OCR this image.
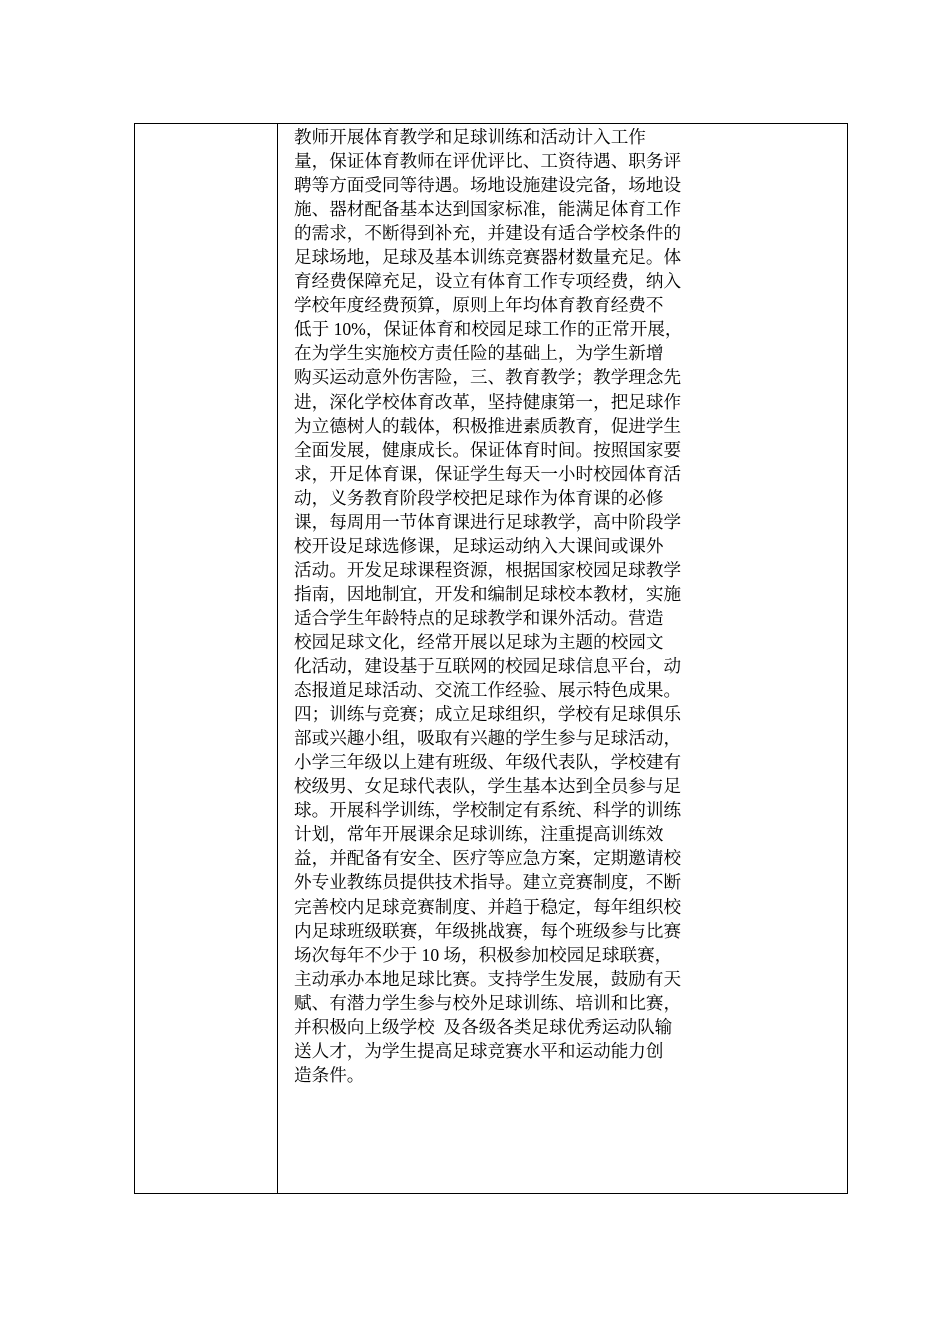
教师开展体育教学和足球训练和活动计入工作
量，保证体育教师在评优评比、工资待遇、职务评
聘等方面受同等待遇。场地设施建设完备，场地设
施、器材配备基本达到国家标准，能满足体育工作
的需求，不断得到补充，并建设有适合学校条件的
足球场地，足球及基本训练竞赛器材数量充足。体
育经费保障充足，设立有体育工作专项经费，纳入
学校年度经费预算，原则上年均体育教育经费不
低于 10%，保证体育和校园足球工作的正常开展，
在为学生实施校方责任险的基础上，为学生新增
购买运动意外伤害险，三、教育教学；教学理念先
进，深化学校体育改革，坚持健康第一，把足球作
为立德树人的载体，积极推进素质教育，促进学生
全面发展，健康成长。保证体育时间。按照国家要
求，开足体育课，保证学生每天一小时校园体育活
动，义务教育阶段学校把足球作为体育课的必修
课，每周用一节体育课进行足球教学，高中阶段学
校开设足球选修课，足球运动纳入大课间或课外
活动。开发足球课程资源，根据国家校园足球教学
指南，因地制宜，开发和编制足球校本教材，实施
适合学生年龄特点的足球教学和课外活动。营造
校园足球文化，经常开展以足球为主题的校园文
化活动，建设基于互联网的校园足球信息平台，动
态报道足球活动、交流工作经验、展示特色成果。
四；训练与竞赛；成立足球组织，学校有足球俱乐
部或兴趣小组，吸取有兴趣的学生参与足球活动，
小学三年级以上建有班级、年级代表队，学校建有
校级男、女足球代表队，学生基本达到全员参与足
球。开展科学训练，学校制定有系统、科学的训练
计划，常年开展课余足球训练，注重提高训练效
益，并配备有安全、医疗等应急方案，定期邀请校
外专业教练员提供技术指导。建立竞赛制度，不断
完善校内足球竞赛制度、并趋于稳定，每年组织校
内足球班级联赛，年级挑战赛，每个班级参与比赛
场次每年不少于 10 场，积极参加校园足球联赛，
主动承办本地足球比赛。支持学生发展，鼓励有天
赋、有潜力学生参与校外足球训练、培训和比赛，
并积极向上级学校  及各级各类足球优秀运动队输
送人才，为学生提高足球竞赛水平和运动能力创
造条件。
